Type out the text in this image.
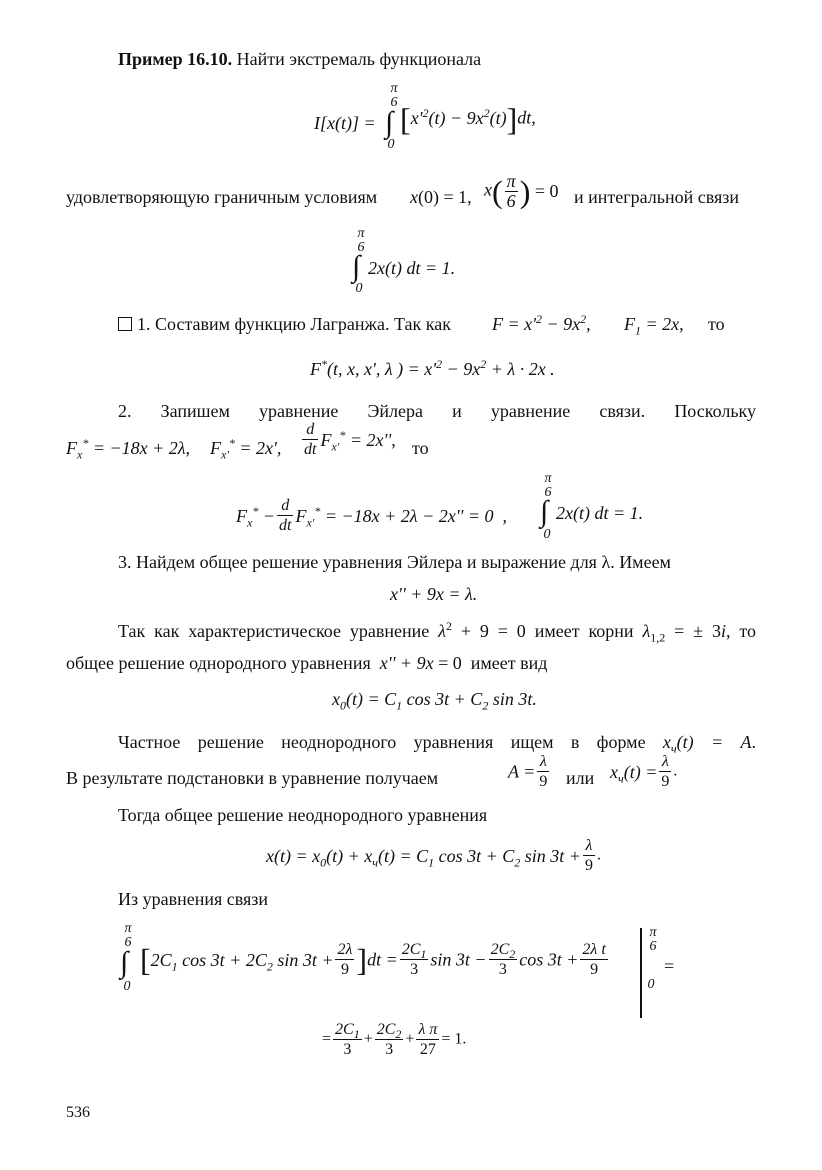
Пример 16.10. Найти экстремаль функционала
π
6
I[x(t)] = ∫ $[x'^2(t) - 9x^2(t)]dt$,
0
удовлетворяющую граничным условиям x(0) = 1, $x( \frac{\pi}{6}$ ) = 0 и интегральной связи
π
6
∫ 2x(t) dt = 1.
0
1. Составим функцию Лагранжа. Так как $F = x'^2 - 9x^2$, $F_1 = 2x$, то
F*(t, x, x', λ ) = $x'^2 - 9x^2 + \lambda \cdot 2x$ .
2. Запишем уравнение Эйлера и уравнение связи. Поскольку
$F_x^* = -18x + 2\lambda$, $F_{x'}^* = 2x'$, $\frac{d}{dt} F_{x'}^* = 2x''$, то
$F_x^* - \frac{d}{dt} F_{x'}^* = -18x + 2\lambda - 2x'' = 0$  ,
π
6
∫ 2x(t) dt = 1.
0
3. Найдем общее решение уравнения Эйлера и выражение для λ. Имеем
x'' + 9x = λ.
Так как характеристическое уравнение $\lambda^2 + 9 = 0$ имеет корни $\lambda_{1,2}$ = ± 3i, то
общее решение однородного уравнения  x'' + 9x = 0  имеет вид
$x_0(t) = C_1$ $\cos 3t + C_2$ sin 3t.
Частное решение неоднородного уравнения ищем в форме $x_ч(t) = A$.
В результате подстановки в уравнение получаем	$A = \frac{\lambda}{9}$ или $x_ч(t) = \frac{\lambda}{9}$ .
Тогда общее решение неоднородного уравнения
$x(t) = x_0(t) + x_ч(t) = C_1$ $\cos 3t + C_2$ $\sin 3t + \frac{\lambda}{9}$ .
Из уравнения связи
π
6
∫
0
[$2C_1$ $\cos 3t + 2C_2$ $\sin 3t + \frac{2\lambda}{9} ]dt = \frac{2C_1}{3}$ $\sin 3t - \frac{2C_2}{3}$ $\cos 3t + \frac{\text{2λ t}}{9}$
π
6
0
=
= $\frac{2C_1}{3} + \frac{2C_2}{3} + \frac{\text{λ π}}{27} = 1$.
536
